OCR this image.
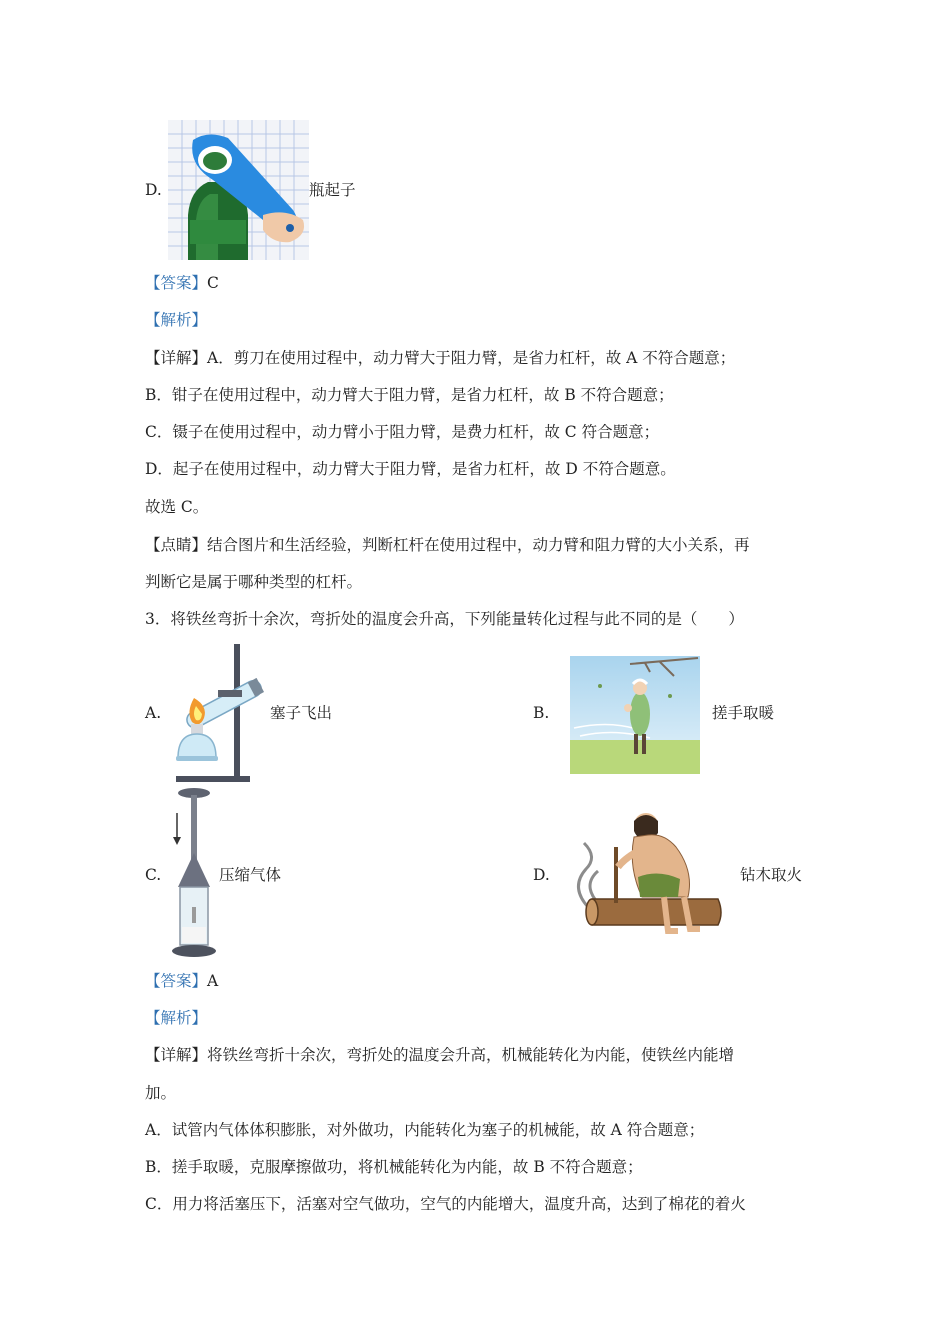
D.	瓶起子
【答案】C
【解析】
【详解】A．剪刀在使用过程中，动力臂大于阻力臂，是省力杠杆，故 A 不符合题意；
B．钳子在使用过程中，动力臂大于阻力臂，是省力杠杆，故 B 不符合题意；
C．镊子在使用过程中，动力臂小于阻力臂，是费力杠杆，故 C 符合题意；
D．起子在使用过程中，动力臂大于阻力臂，是省力杠杆，故 D 不符合题意。
故选 C。
【点睛】结合图片和生活经验，判断杠杆在使用过程中，动力臂和阻力臂的大小关系，再
判断它是属于哪种类型的杠杆。
3．将铁丝弯折十余次，弯折处的温度会升高，下列能量转化过程与此不同的是（　　）
A.	塞子飞出	B.	搓手取暖
C.	压缩气体	D.	钻木取火
【答案】A
【解析】
【详解】将铁丝弯折十余次，弯折处的温度会升高，机械能转化为内能，使铁丝内能增
加。
A．试管内气体体积膨胀，对外做功，内能转化为塞子的机械能，故 A 符合题意；
B．搓手取暖，克服摩擦做功，将机械能转化为内能，故 B 不符合题意；
C．用力将活塞压下，活塞对空气做功，空气的内能增大，温度升高，达到了棉花的着火
